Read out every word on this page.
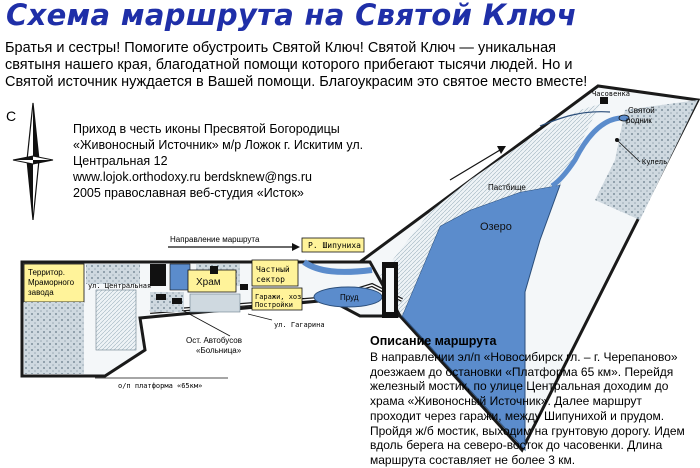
Схема маршрута на Святой Ключ
Братья и сестры! Помогите обустроить Святой Ключ! Святой Ключ — уникальная святыня нашего края, благодатной помощи которого прибегают тысячи людей. Но и Святой источник нуждается в Вашей помощи. Благоукрасим это святое место вместе!
Приход в честь иконы Пресвятой Богородицы
«Живоносный Источник» м/р Ложок г. Искитим ул.
Центральная 12
www.lojok.orthodoxy.ru berdsknew@ngs.ru
2005 православная веб-студия «Исток»
С
Часовенка
Святой
родник
Купель
Пастбище
Озеро
Направление маршрута
Р. Шипуниха
Пруд
Частный
сектор
Храм
Гаражи, хоз.
Постройки
ул. Гагарина
Ост. Автобусов
«Больница»
Территор.
Мраморного
завода
ул. Центральная
о/п платформа «65км»
Описание маршрута
В направлении эл/п «Новосибирск гл. – г. Черепаново» доезжаем до остановки «Платформа 65 км». Перейдя железный мостик, по улице Центральная доходим до храма «Живоносный Источник». Далее маршрут проходит через гаражи, между Шипунихой и прудом. Пройдя ж/б мостик, выходим на грунтовую дорогу. Идем вдоль берега на северо-восток до часовенки. Длина маршрута составляет не более 3 км.
